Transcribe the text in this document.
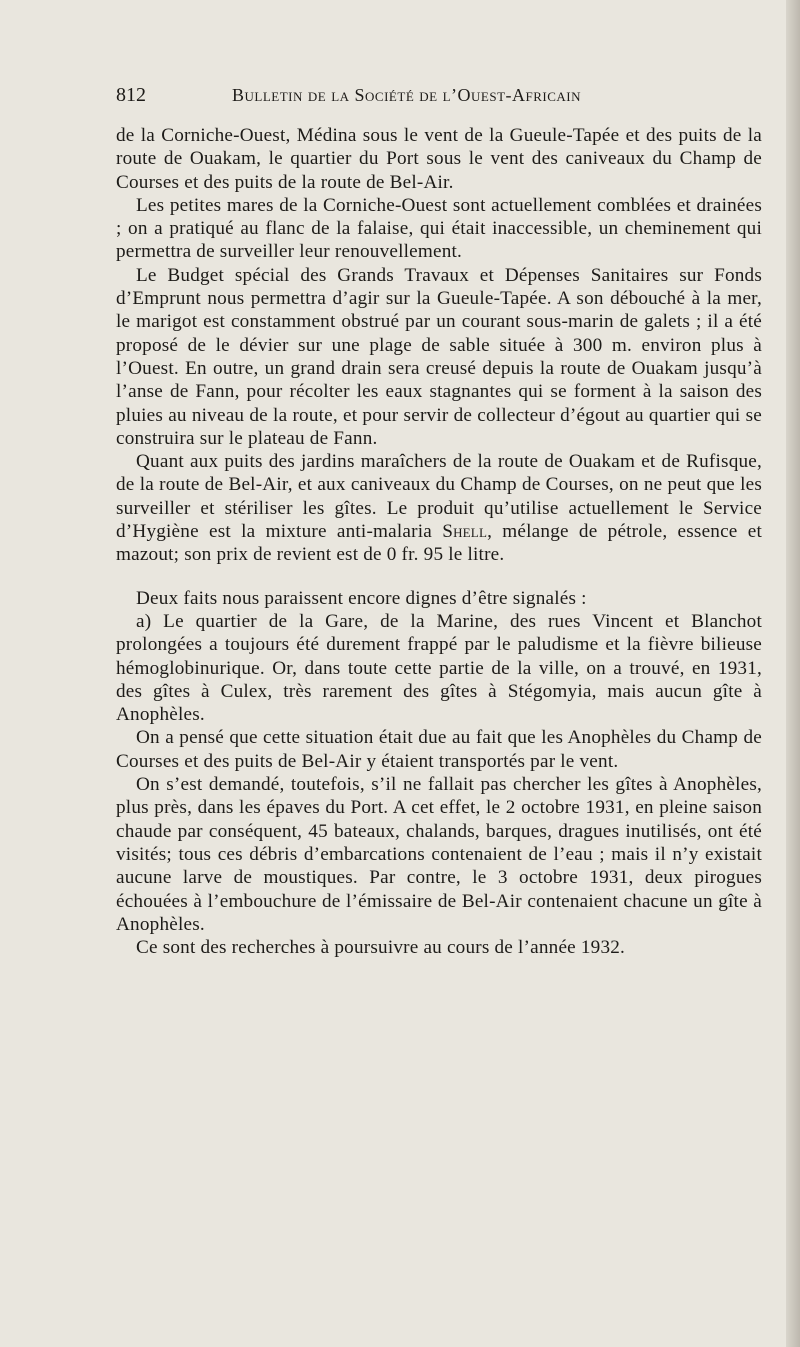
812	Bulletin de la Société de l’Ouest-Africain

de la Corniche-Ouest, Médina sous le vent de la Gueule-Tapée et des puits de la route de Ouakam, le quartier du Port sous le vent des caniveaux du Champ de Courses et des puits de la route de Bel-Air.

Les petites mares de la Corniche-Ouest sont actuellement comblées et drainées ; on a pratiqué au flanc de la falaise, qui était inaccessible, un cheminement qui permettra de surveiller leur renouvellement.

Le Budget spécial des Grands Travaux et Dépenses Sanitaires sur Fonds d’Emprunt nous permettra d’agir sur la Gueule-Tapée. A son débouché à la mer, le marigot est constamment obstrué par un courant sous-marin de galets ; il a été proposé de le dévier sur une plage de sable située à 300 m. environ plus à l’Ouest. En outre, un grand drain sera creusé depuis la route de Ouakam jusqu’à l’anse de Fann, pour récolter les eaux stagnantes qui se forment à la saison des pluies au niveau de la route, et pour servir de collecteur d’égout au quartier qui se construira sur le plateau de Fann.

Quant aux puits des jardins maraîchers de la route de Ouakam et de Rufisque, de la route de Bel-Air, et aux caniveaux du Champ de Courses, on ne peut que les surveiller et stériliser les gîtes. Le produit qu’utilise actuellement le Service d’Hygiène est la mixture anti-malaria Shell, mélange de pétrole, essence et mazout; son prix de revient est de 0 fr. 95 le litre.

Deux faits nous paraissent encore dignes d’être signalés :

a) Le quartier de la Gare, de la Marine, des rues Vincent et Blanchot prolongées a toujours été durement frappé par le paludisme et la fièvre bilieuse hémoglobinurique. Or, dans toute cette partie de la ville, on a trouvé, en 1931, des gîtes à Culex, très rarement des gîtes à Stégomyia, mais aucun gîte à Anophèles.

On a pensé que cette situation était due au fait que les Anophèles du Champ de Courses et des puits de Bel-Air y étaient transportés par le vent.

On s’est demandé, toutefois, s’il ne fallait pas chercher les gîtes à Anophèles, plus près, dans les épaves du Port. A cet effet, le 2 octobre 1931, en pleine saison chaude par conséquent, 45 bateaux, chalands, barques, dragues inutilisés, ont été visités; tous ces débris d’embarcations contenaient de l’eau ; mais il n’y existait aucune larve de moustiques. Par contre, le 3 octobre 1931, deux pirogues échouées à l’embouchure de l’émissaire de Bel-Air contenaient chacune un gîte à Anophèles.

Ce sont des recherches à poursuivre au cours de l’année 1932.
